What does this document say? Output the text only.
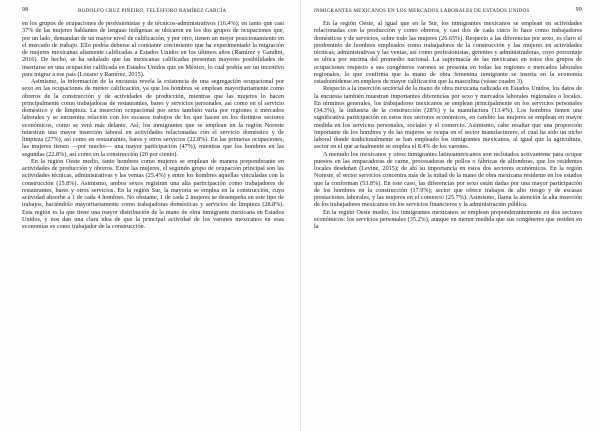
98	RODOLFO CRUZ PIÑEIRO, TELÉSFORO RAMÍREZ GARCÍA

en los grupos de ocupaciones de profesionistas y de técnicos-administrativos (16.4%); en tanto que casi 37% de las mujeres hablantes de lenguas indígenas se ubicaron en los dos grupos de ocupaciones que, por un lado, demandan de un mayor nivel de calificación, y por otro, tienen un mejor posicionamiento en el mercado de trabajo. Ello podría deberse al constante crecimiento que ha experimentado la migración de mujeres mexicanas altamente calificadas a Estados Unidos en los últimos años (Ramírez y Gandini, 2016). De hecho, se ha señalado que las mexicanas calificadas presentan mayores posibilidades de insertarse en una ocupación calificada en Estados Unidos que en México, lo cual podría ser un incentivo para migrar a ese país (Lozano y Ramírez, 2015).

Asimismo, la información de la encuesta revela la existencia de una segregación ocupacional por sexo en las ocupaciones de menor calificación, ya que los hombres se emplean mayoritariamente como obreros de la construcción y de actividades de producción, mientras que las mujeres lo hacen principalmente como trabajadoras de restaurantes, bares y servicios personales, así como en el servicio doméstico y de limpieza. La inserción ocupacional por sexo también varía por regiones o mercados laborales y se encuentra relación con los escasos trabajos de los que hacen en los distintos sectores económicos, como se verá más delante. Así, los inmigrantes que se emplean en la región Noreste muestran una mayor inserción laboral en actividades relacionadas con el servicio doméstico y de limpieza (27%), así como en restaurantes, bares y otros servicios (22.8%). En las primeras ocupaciones, las mujeres tienen —por mucho— una mayor participación (47%), mientras que los hombres en las segundas (22.8%), así como en la construcción (20 por ciento).

En la región Oeste medio, tanto hombres como mujeres se emplean de manera preponderante en actividades de producción y obreros. Entre las mujeres, el segundo grupo de ocupación principal son las actividades técnicas, administrativas y las ventas (25.4%) y entre los hombres aquellas vinculadas con la construcción (15.8%). Asimismo, ambos sexos registran una alta participación como trabajadores de restaurantes, bares y otros servicios. En la región Sur, la mayoría se emplea en la construcción, cuya actividad absorbe a 1 de cada 4 hombres. No obstante, 1 de cada 2 mujeres se desempeña en este tipo de trabajos, haciéndolo mayoritariamente como trabajadoras domésticas y servicios de limpieza (28.8%). Esta región es la que tiene una mayor distribución de la mano de obra inmigrante mexicana en Estados Unidos, y nos dan una clara idea de que la principal actividad de los varones mexicanos en esas economías es como trabajador de la construcción.

INMIGRANTES MEXICANOS EN LOS MERCADOS LABORALES DE ESTADOS UNIDOS	99

En la región Oeste, al igual que en la Sur, los inmigrantes mexicanos se emplean en actividades relacionadas con la producción y como obreros, y casi dos de cada cinco lo hace como trabajadores domésticos y de servicios, sobre todo las mujeres (26.65%). Respecto a las diferencias por sexo, es claro el predominio de hombres empleados como trabajadores de la construcción y las mujeres en actividades técnicas, administrativas y las ventas, así como profesionistas, gerentes y administradoras, cuyo porcentaje se ubica por encima del promedio nacional. La supremacía de las mexicanas en estos dos grupos de ocupaciones respecto a sus congéneres varones se presenta en todas las regiones o mercados laborales regionales, lo que confirma que la mano de obra femenina inmigrante se inserta en la economía estadounidense en empleos de mayor calificación que la masculina (véase cuadro 3).

Respecto a la inserción sectorial de la mano de obra mexicana radicada en Estados Unidos, los datos de la encuesta también muestran importantes diferencias por sexo y mercados laborales regionales o locales. En términos generales, los trabajadores mexicanos se emplean principalmente en los servicios personales (34.3%), la industria de la construcción (28%) y la manufactura (13.4%). Los hombres tienen una significativa participación en estos tres sectores económicos, en cambio las mujeres se emplean en mayor medida en los servicios personales, sociales y el comercio. Asimismo, cabe resaltar que una proporción importante de los hombres y de las mujeres se ocupa en el sector manufacturero, el cual ha sido un nicho laboral donde tradicionalmente se han empleado los inmigrantes mexicanos, al igual que la agricultura, sector en el que actualmente se emplea el 8.4% de los varones.

A menudo los mexicanos y otros inmigrantes latinoamericanos son reclutados activamente para ocupar puestos en las empacadoras de carne, procesadoras de pollos o fábricas de alfombras, que los residentes locales desdeñan (Levine, 2015); de ahí su importancia en estos dos sectores económicos. En la región Noreste, el sector servicios concentra más de la mitad de la mano de obra mexicana residente en los estados que la conforman (53.8%). En este caso, las diferencias por sexo están dadas por una mayor participación de los hombres en la construcción (17.9%); sector que ofrece trabajos de alto riesgo y de escasas prestaciones laborales, y las mujeres en el comercio (25.7%). Asimismo, llama la atención la alta inserción de los trabajadores mexicanos en los servicios financieros y la administración pública.

En la región Oeste medio, los inmigrantes mexicanos se emplean preponderantemente en dos sectores económicos: los servicios personales (35.2%), aunque en menor medida que sus congéneres que residen en la
